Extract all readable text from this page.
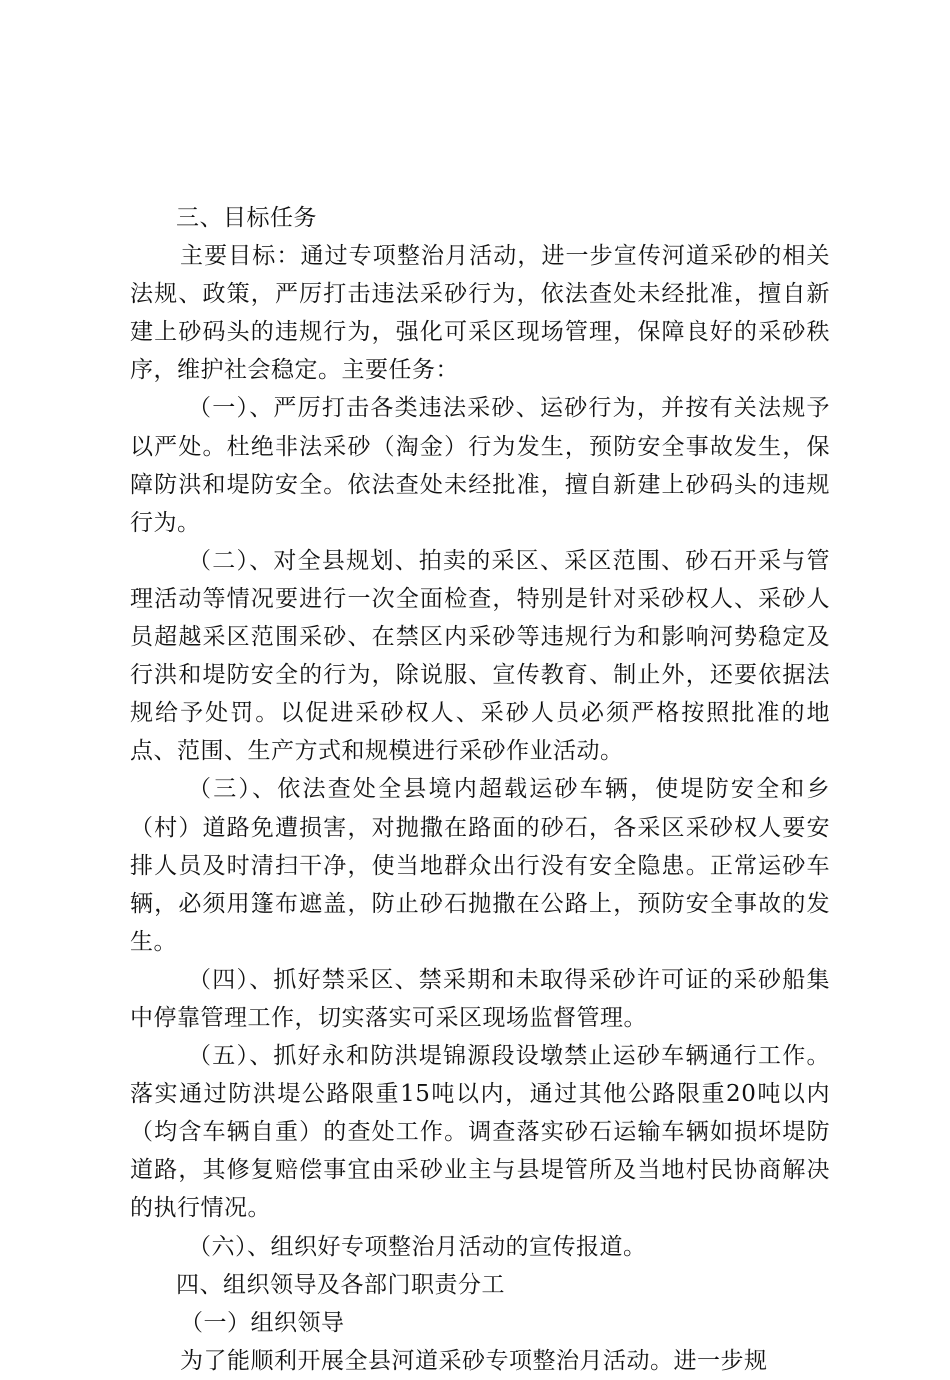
三、目标任务

主要目标：通过专项整治月活动，进一步宣传河道采砂的相关法规、政策，严厉打击违法采砂行为，依法查处未经批准，擅自新建上砂码头的违规行为，强化可采区现场管理，保障良好的采砂秩序，维护社会稳定。主要任务：

（一）、严厉打击各类违法采砂、运砂行为，并按有关法规予以严处。杜绝非法采砂（淘金）行为发生，预防安全事故发生，保障防洪和堤防安全。依法查处未经批准，擅自新建上砂码头的违规行为。

（二）、对全县规划、拍卖的采区、采区范围、砂石开采与管理活动等情况要进行一次全面检查，特别是针对采砂权人、采砂人员超越采区范围采砂、在禁区内采砂等违规行为和影响河势稳定及行洪和堤防安全的行为，除说服、宣传教育、制止外，还要依据法规给予处罚。以促进采砂权人、采砂人员必须严格按照批准的地点、范围、生产方式和规模进行采砂作业活动。

（三）、依法查处全县境内超载运砂车辆，使堤防安全和乡（村）道路免遭损害，对抛撒在路面的砂石，各采区采砂权人要安排人员及时清扫干净，使当地群众出行没有安全隐患。正常运砂车辆，必须用篷布遮盖，防止砂石抛撒在公路上，预防安全事故的发生。

（四）、抓好禁采区、禁采期和未取得采砂许可证的采砂船集中停靠管理工作，切实落实可采区现场监督管理。

（五）、抓好永和防洪堤锦源段设墩禁止运砂车辆通行工作。落实通过防洪堤公路限重15吨以内，通过其他公路限重20吨以内（均含车辆自重）的查处工作。调查落实砂石运输车辆如损坏堤防道路，其修复赔偿事宜由采砂业主与县堤管所及当地村民协商解决的执行情况。

（六）、组织好专项整治月活动的宣传报道。

四、组织领导及各部门职责分工

（一）组织领导

为了能顺利开展全县河道采砂专项整治月活动。进一步规
